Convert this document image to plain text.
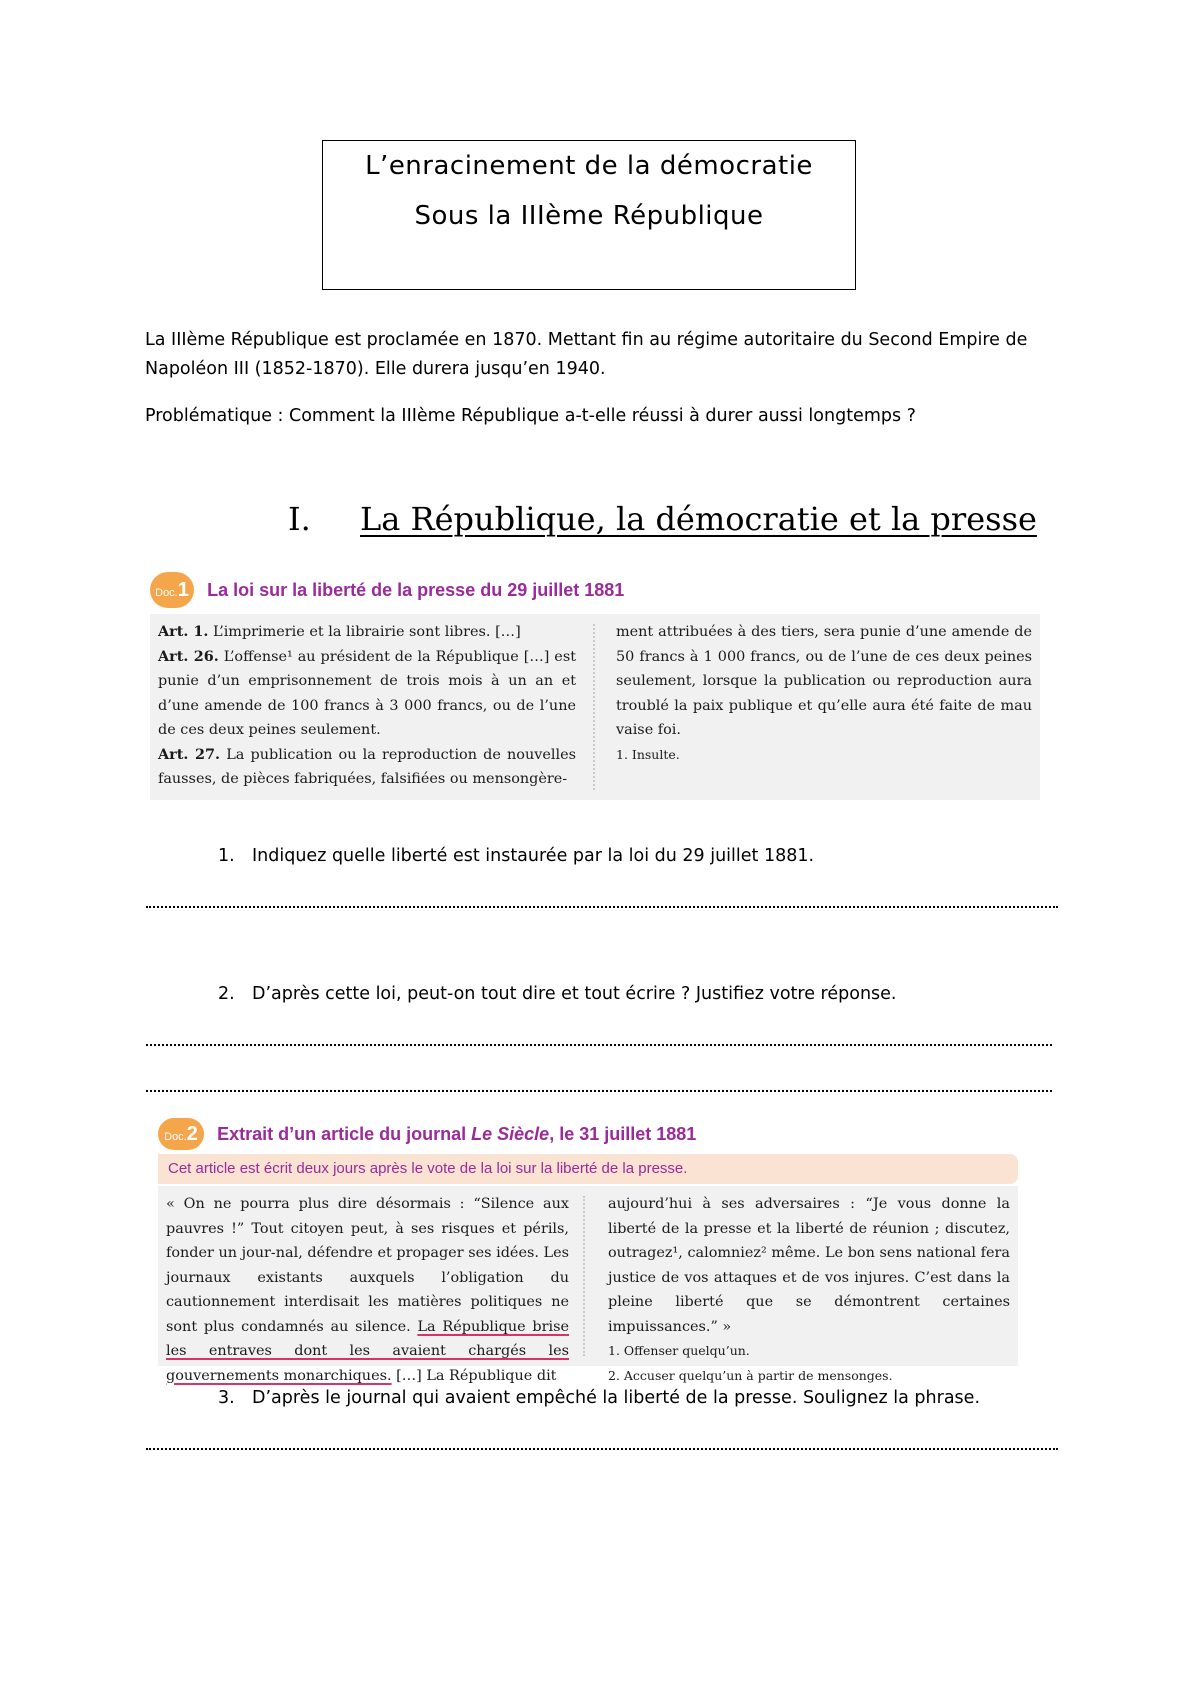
L’enracinement de la démocratie
Sous la IIIème République
La IIIème République est proclamée en 1870. Mettant fin au régime autoritaire du Second Empire de
Napoléon III (1852-1870). Elle durera jusqu’en 1940.
Problématique : Comment la IIIème République a-t-elle réussi à durer aussi longtemps ?
I. La République, la démocratie et la presse
Doc.1 La loi sur la liberté de la presse du 29 juillet 1881

Art. 1. L’imprimerie et la librairie sont libres. […]

Art. 26. L’offense¹ au président de la République […] est punie d’un emprisonnement de trois mois à un an et d’une amende de 100 francs à 3 000 francs, ou de l’une de ces deux peines seulement.

Art. 27. La publication ou la reproduction de nouvelles fausses, de pièces fabriquées, falsifiées ou mensongère-

ment attribuées à des tiers, sera punie d’une amende de 50 francs à 1 000 francs, ou de l’une de ces deux peines seulement, lorsque la publication ou reproduction aura troublé la paix publique et qu’elle aura été faite de mau vaise foi.

1. Insulte.

1. Indiquez quelle liberté est instaurée par la loi du 29 juillet 1881.
2. D’après cette loi, peut-on tout dire et tout écrire ? Justifiez votre réponse.
Doc.2 Extrait d’un article du journal Le Siècle, le 31 juillet 1881
Cet article est écrit deux jours après le vote de la loi sur la liberté de la presse.

« On ne pourra plus dire désormais : “Silence aux pauvres !” Tout citoyen peut, à ses risques et périls, fonder un jour-nal, défendre et propager ses idées. Les journaux existants auxquels l’obligation du cautionnement interdisait les matières politiques ne sont plus condamnés au silence. La République brise les entraves dont les avaient chargés les gouvernements monarchiques. […] La République dit

aujourd’hui à ses adversaires : “Je vous donne la liberté de la presse et la liberté de réunion ; discutez, outragez¹, calomniez² même. Le bon sens national fera justice de vos attaques et de vos injures. C’est dans la pleine liberté que se démontrent certaines impuissances.” »

1. Offenser quelqu’un.

2. Accuser quelqu’un à partir de mensonges.

3. D’après le journal qui avaient empêché la liberté de la presse. Soulignez la phrase.
